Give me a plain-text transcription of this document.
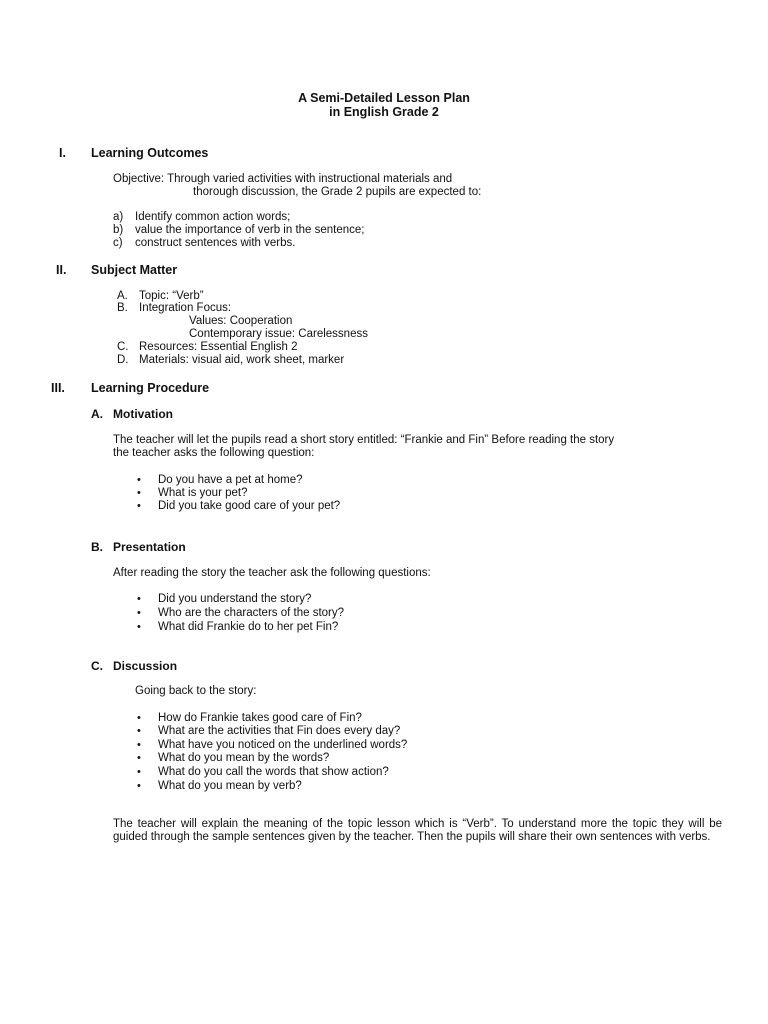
A Semi-Detailed Lesson Plan
in English Grade 2
I. Learning Outcomes
Objective: Through varied activities with instructional materials and
thorough discussion, the Grade 2 pupils are expected to:
a) Identify common action words;
b) value the importance of verb in the sentence;
c) construct sentences with verbs.
II. Subject Matter
A. Topic: “Verb”
B. Integration Focus:
Values: Cooperation
Contemporary issue: Carelessness
C. Resources: Essential English 2
D. Materials: visual aid, work sheet, marker
III. Learning Procedure
A. Motivation
The teacher will let the pupils read a short story entitled: “Frankie and Fin” Before reading the story
the teacher asks the following question:
• Do you have a pet at home?
• What is your pet?
• Did you take good care of your pet?
B. Presentation
After reading the story the teacher ask the following questions:
• Did you understand the story?
• Who are the characters of the story?
• What did Frankie do to her pet Fin?
C. Discussion
Going back to the story:
• How do Frankie takes good care of Fin?
• What are the activities that Fin does every day?
• What have you noticed on the underlined words?
• What do you mean by the words?
• What do you call the words that show action?
• What do you mean by verb?
The teacher will explain the meaning of the topic lesson which is “Verb”. To understand more the topic they will be guided through the sample sentences given by the teacher. Then the pupils will share their own sentences with verbs.
